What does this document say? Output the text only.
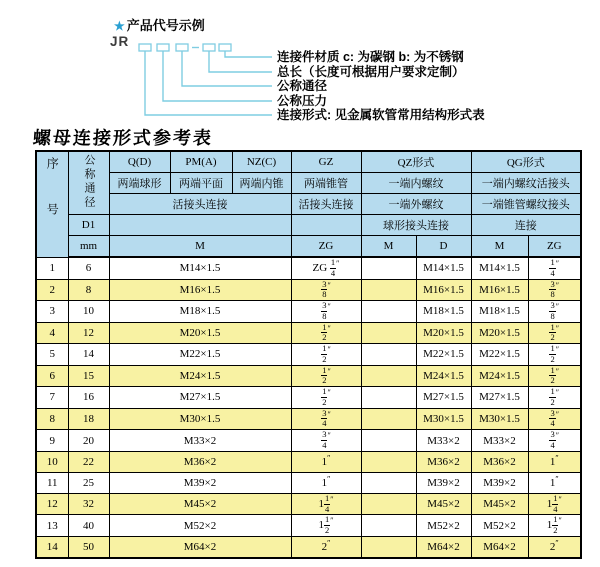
★ 产品代号示例
JR
连接件材质 c: 为碳钢 b: 为不锈钢
总长（长度可根据用户要求定制）
公称通径
公称压力
连接形式: 见金属软管常用结构形式表
螺母连接形式参考表
序号	公称通径	Q(D)	PM(A)	NZ(C)	GZ	QZ形式		QG形式	
		两端球形	两端平面	两端内锥	两端锥管	一端内螺纹		一端内螺纹活接头	
		活接头连接			活接头连接	一端外螺纹		一端锥管螺纹接头	
	D1					球形接头连接		连接	
	mm	M			ZG	M	D	M	ZG
1	6	M14×1.5			ZG $\frac{1}{4} ''$		M14×1.5	M14×1.5	$\frac{1}{4} ''$
2	8	M16×1.5			$\frac{3}{8} ''$		M16×1.5	M16×1.5	$\frac{3}{8} ''$
3	10	M18×1.5			$\frac{3}{8} ''$		M18×1.5	M18×1.5	$\frac{3}{8} ''$
4	12	M20×1.5			$\frac{1}{2} ''$		M20×1.5	M20×1.5	$\frac{1}{2} ''$
5	14	M22×1.5			$\frac{1}{2} ''$		M22×1.5	M22×1.5	$\frac{1}{2} ''$
6	15	M24×1.5			$\frac{1}{2} ''$		M24×1.5	M24×1.5	$\frac{1}{2} ''$
7	16	M27×1.5			$\frac{1}{2} ''$		M27×1.5	M27×1.5	$\frac{1}{2} ''$
8	18	M30×1.5			$\frac{3}{4} ''$		M30×1.5	M30×1.5	$\frac{3}{4} ''$
9	20	M33×2			$\frac{3}{4} ''$		M33×2	M33×2	$\frac{3}{4} ''$
10	22	M36×2			1″		M36×2	M36×2	1″
11	25	M39×2			1″		M39×2	M39×2	1″
12	32	M45×2			$1 \frac{1}{4} ''$		M45×2	M45×2	$1 \frac{1}{4} ''$
13	40	M52×2			$1 \frac{1}{2} ''$		M52×2	M52×2	$1 \frac{1}{2} ''$
14	50	M64×2			2″		M64×2	M64×2	2″
